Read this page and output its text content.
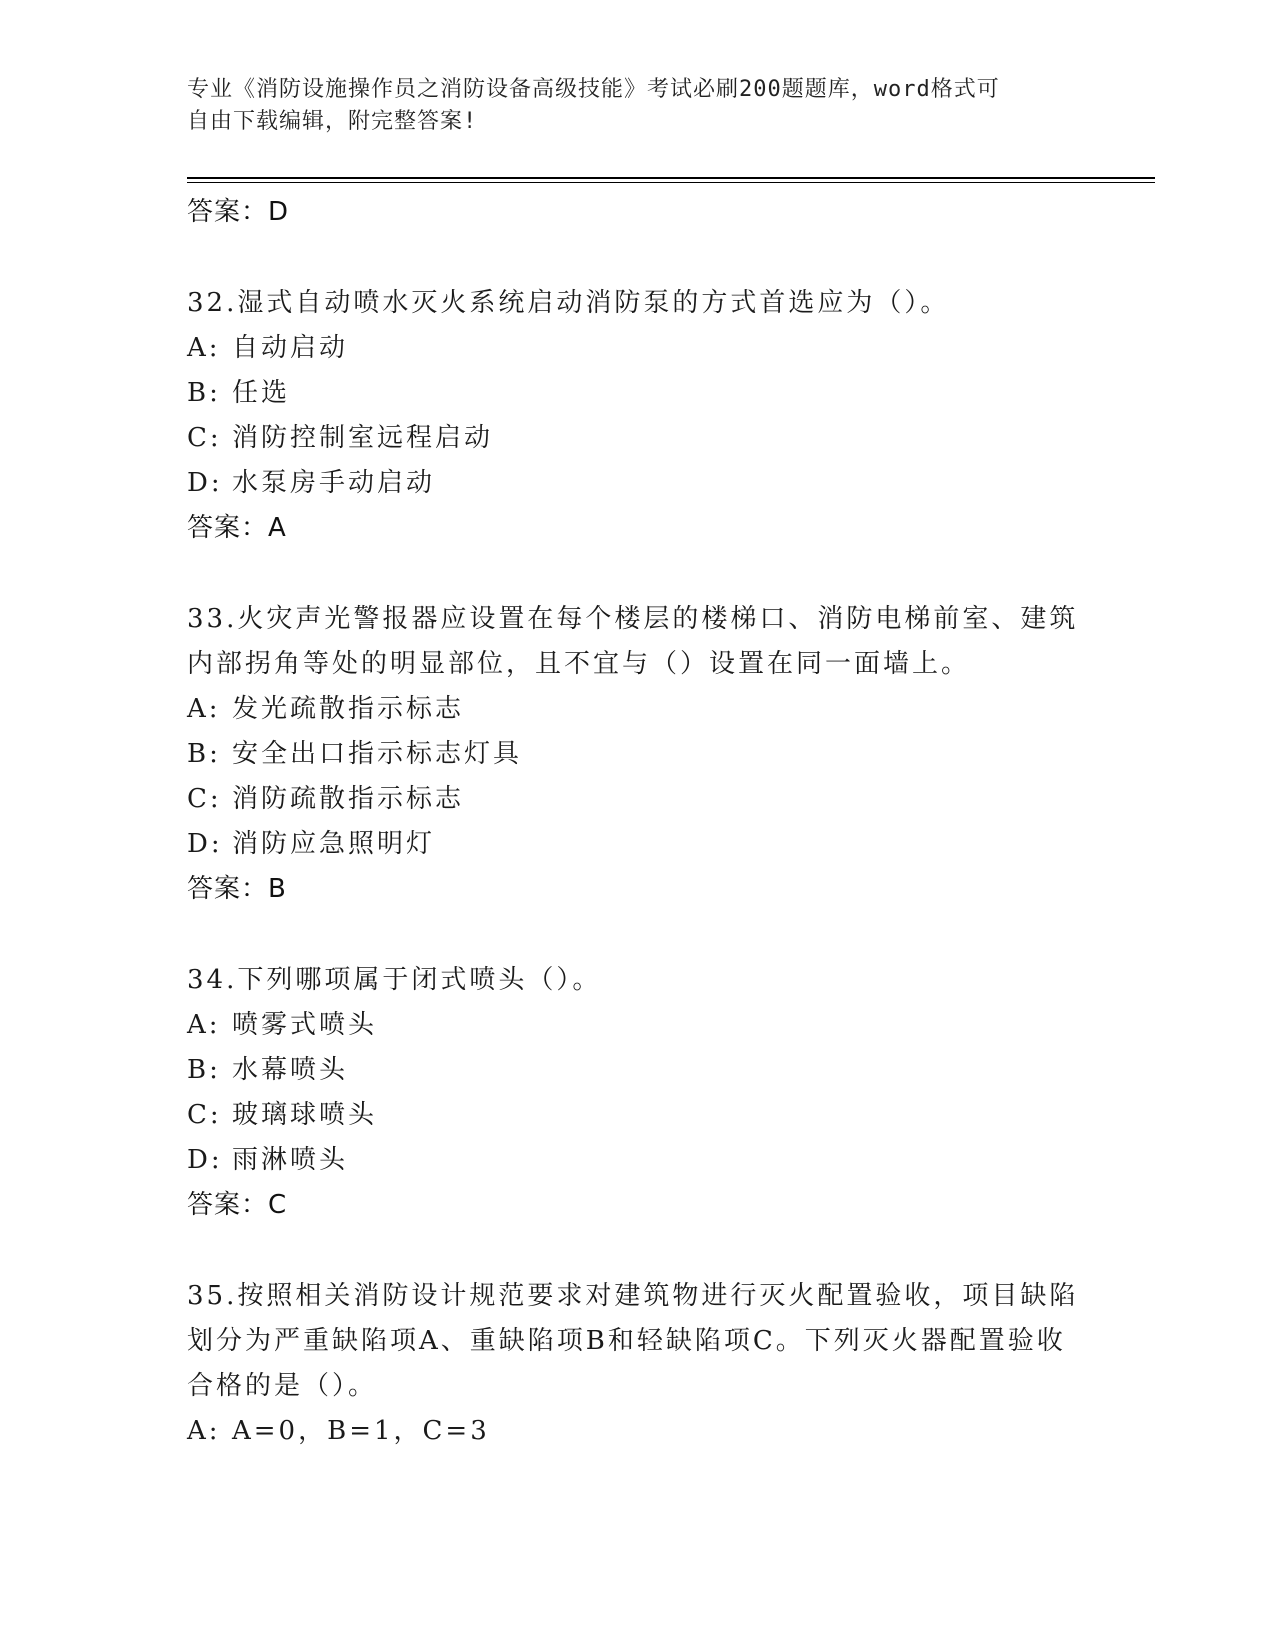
专业《消防设施操作员之消防设备高级技能》考试必刷200题题库，word格式可
自由下载编辑，附完整答案!
答案：D
32.湿式自动喷水灭火系统启动消防泵的方式首选应为（）。
A: 自动启动
B: 任选
C: 消防控制室远程启动
D: 水泵房手动启动
答案：A
33.火灾声光警报器应设置在每个楼层的楼梯口、消防电梯前室、建筑内部拐角等处的明显部位，且不宜与（）设置在同一面墙上。
A: 发光疏散指示标志
B: 安全出口指示标志灯具
C: 消防疏散指示标志
D: 消防应急照明灯
答案：B
34.下列哪项属于闭式喷头（）。
A: 喷雾式喷头
B: 水幕喷头
C: 玻璃球喷头
D: 雨淋喷头
答案：C
35.按照相关消防设计规范要求对建筑物进行灭火配置验收，项目缺陷划分为严重缺陷项A、重缺陷项B和轻缺陷项C。下列灭火器配置验收合格的是（）。
A: A=0，B=1，C=3
